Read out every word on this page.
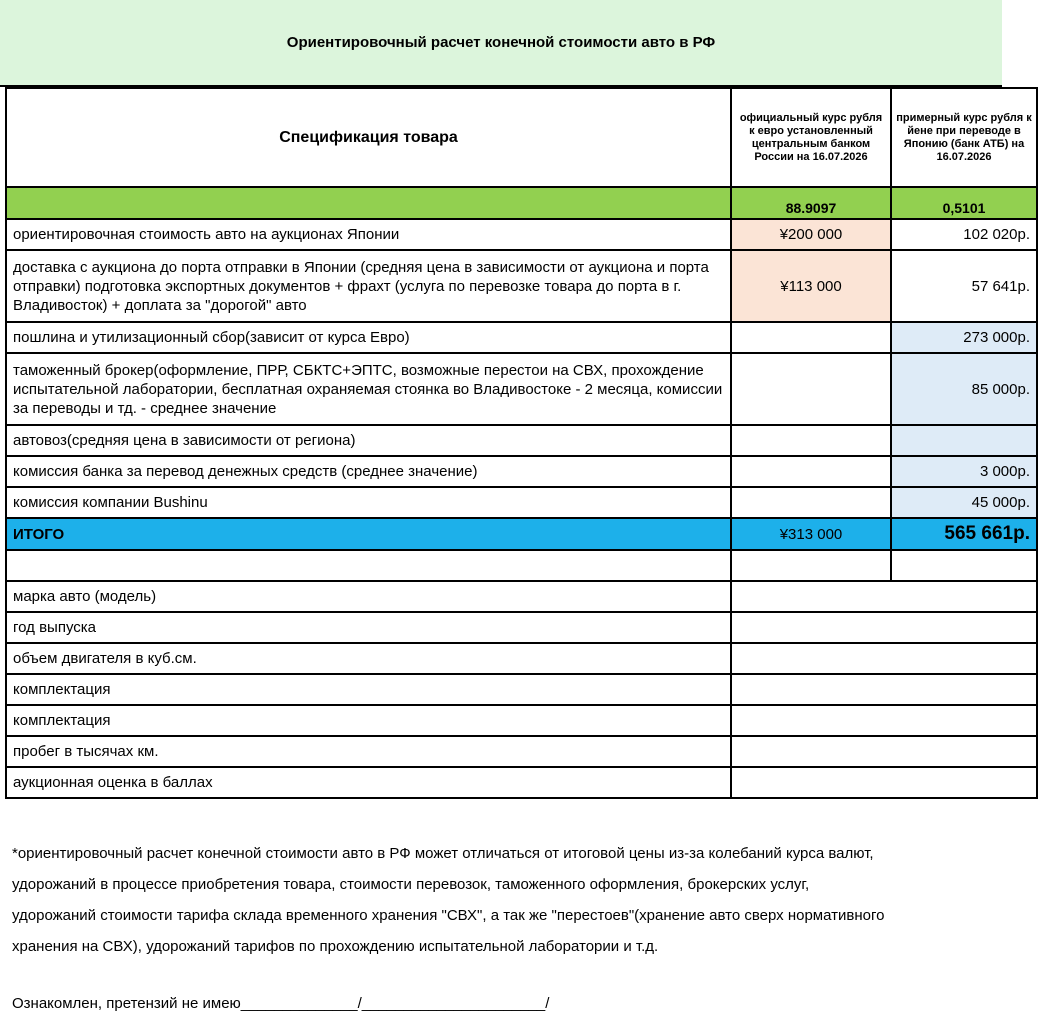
Ориентировочный расчет конечной стоимости авто в РФ
Спецификация товара	официальный курс рубля к евро установленный центральным банком России на 16.07.2026	примерный курс рубля к йене при переводе в Японию (банк АТБ) на 16.07.2026
	88.9097	0,5101
ориентировочная стоимость авто на аукционах Японии	¥200 000	102 020р.
доставка с аукциона до порта отправки в Японии (средняя цена в зависимости от аукциона и порта отправки) подготовка экспортных документов + фрахт (услуга по перевозке товара до порта в г. Владивосток) + доплата за "дорогой" авто	¥113 000	57 641р.
пошлина и утилизационный сбор(зависит от курса Евро)		273 000р.
таможенный брокер(оформление, ПРР, СБКТС+ЭПТС, возможные перестои на СВХ, прохождение испытательной лаборатории, бесплатная охраняемая стоянка во Владивостоке - 2 месяца, комиссии за переводы и тд. - среднее значение		85 000р.
автовоз(средняя цена в зависимости от региона)		
комиссия банка за перевод денежных средств (среднее значение)		3 000р.
комиссия компании Bushinu		45 000р.
ИТОГО	¥313 000	565 661р.

марка авто (модель)		
год выпуска		
объем двигателя в куб.см.		
комплектация		
комплектация		
пробег в тысячах км.		
аукционная оценка в баллах		
*ориентировочный расчет конечной стоимости авто в РФ может отличаться от итоговой цены из-за колебаний курса валют,
удорожаний в процессе приобретения товара, стоимости перевозок, таможенного оформления, брокерских услуг,
удорожаний стоимости тарифа склада временного хранения "СВХ", а так же "перестоев"(хранение авто сверх нормативного
хранения на СВХ), удорожаний тарифов по прохождению испытательной лаборатории и т.д.
Ознакомлен, претензий не имею______________/______________________/
